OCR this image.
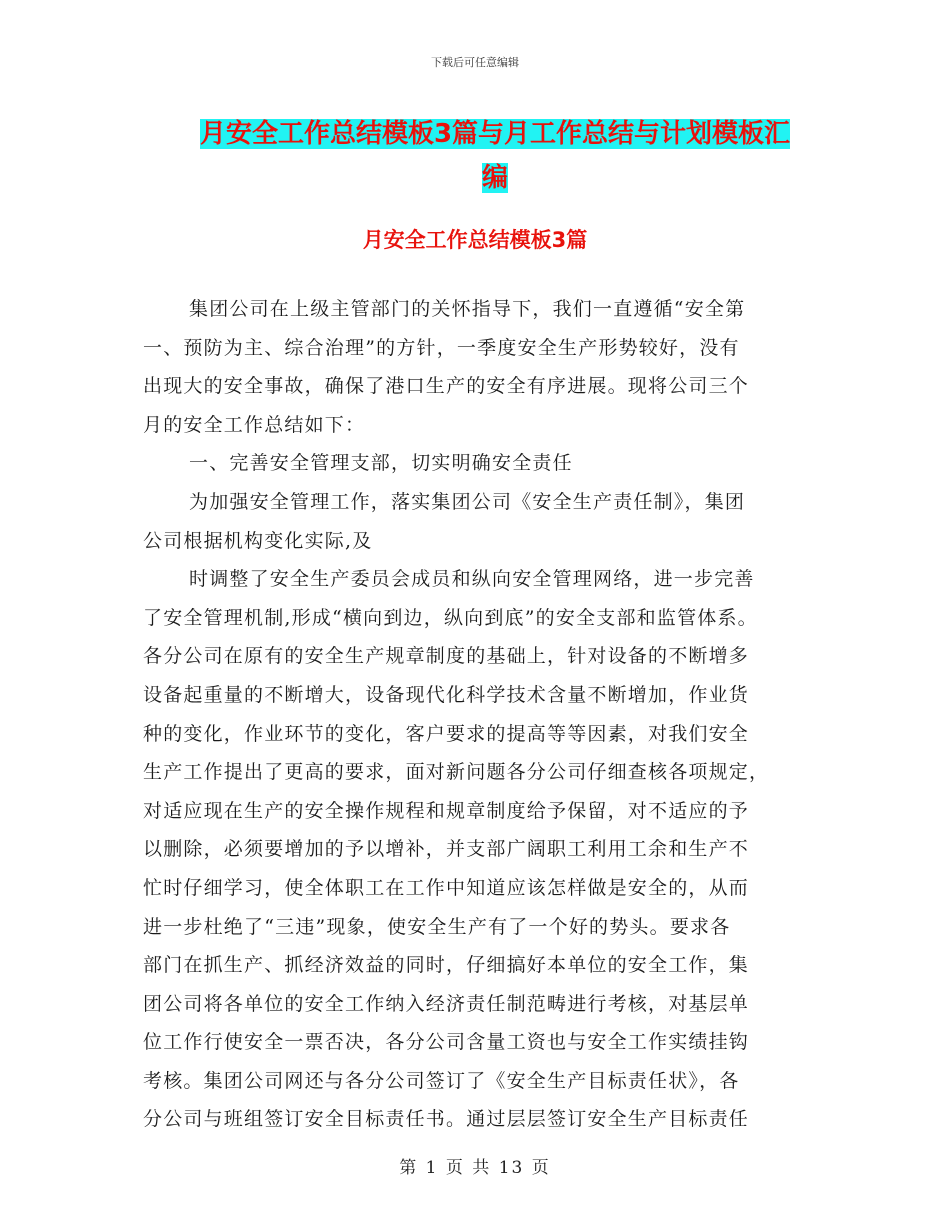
下载后可任意编辑
月安全工作总结模板3篇与月工作总结与计划模板汇
编
月安全工作总结模板3篇
集团公司在上级主管部门的关怀指导下，我们一直遵循“安全第
一、预防为主、综合治理”的方针，一季度安全生产形势较好，没有
出现大的安全事故，确保了港口生产的安全有序进展。现将公司三个
月的安全工作总结如下：
一、完善安全管理支部，切实明确安全责任
为加强安全管理工作，落实集团公司《安全生产责任制》，集团
公司根据机构变化实际,及
时调整了安全生产委员会成员和纵向安全管理网络，进一步完善
了安全管理机制,形成“横向到边，纵向到底”的安全支部和监管体系。
各分公司在原有的安全生产规章制度的基础上，针对设备的不断增多
设备起重量的不断增大，设备现代化科学技术含量不断增加，作业货
种的变化，作业环节的变化，客户要求的提高等等因素，对我们安全
生产工作提出了更高的要求，面对新问题各分公司仔细查核各项规定，
对适应现在生产的安全操作规程和规章制度给予保留，对不适应的予
以删除，必须要增加的予以增补，并支部广阔职工利用工余和生产不
忙时仔细学习，使全体职工在工作中知道应该怎样做是安全的，从而
进一步杜绝了“三违”现象，使安全生产有了一个好的势头。要求各
部门在抓生产、抓经济效益的同时，仔细搞好本单位的安全工作，集
团公司将各单位的安全工作纳入经济责任制范畴进行考核，对基层单
位工作行使安全一票否决，各分公司含量工资也与安全工作实绩挂钩
考核。集团公司网还与各分公司签订了《安全生产目标责任状》，各
分公司与班组签订安全目标责任书。通过层层签订安全生产目标责任
第 1 页 共 13 页
